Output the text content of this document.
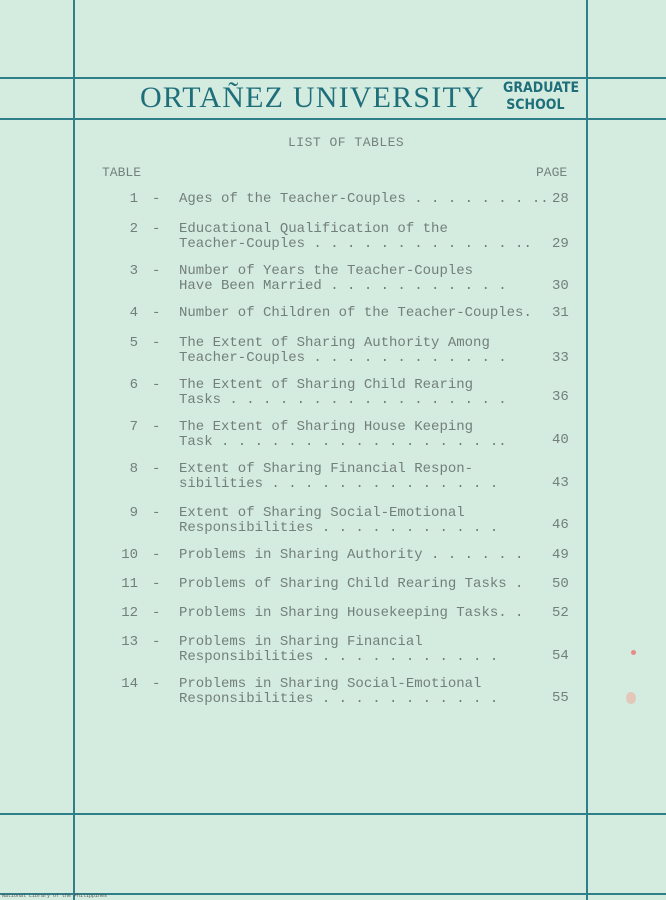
ORTAÑEZ UNIVERSITY GRADUATE
SCHOOL
LIST OF TABLES
TABLE	PAGE
1 - Ages of the Teacher-Couples . . . . . . . .. 28
2 - Educational Qualification of the
Teacher-Couples . . . . . . . . . . . . .. 29
3 - Number of Years the Teacher-Couples
Have Been Married . . . . . . . . . . .	30
4 - Number of Children of the Teacher-Couples. 31
5 - The Extent of Sharing Authority Among
Teacher-Couples . . . . . . . . . . . .	33
6 - The Extent of Sharing Child Rearing
Tasks . . . . . . . . . . . . . . . . .	36
7 - The Extent of Sharing House Keeping
Task . . . . . . . . . . . . . . . . ..	40
8 - Extent of Sharing Financial Respon-
sibilities . . . . . . . . . . . . . .	43
9 - Extent of Sharing Social-Emotional
Responsibilities . . . . . . . . . . .	46
10 - Problems in Sharing Authority . . . . . . 49
11 - Problems of Sharing Child Rearing Tasks . 50
12 - Problems in Sharing Housekeeping Tasks. . 52
13 - Problems in Sharing Financial
Responsibilities . . . . . . . . . . .	54
14 - Problems in Sharing Social-Emotional
Responsibilities . . . . . . . . . . .	55
National Library of the Philippines
